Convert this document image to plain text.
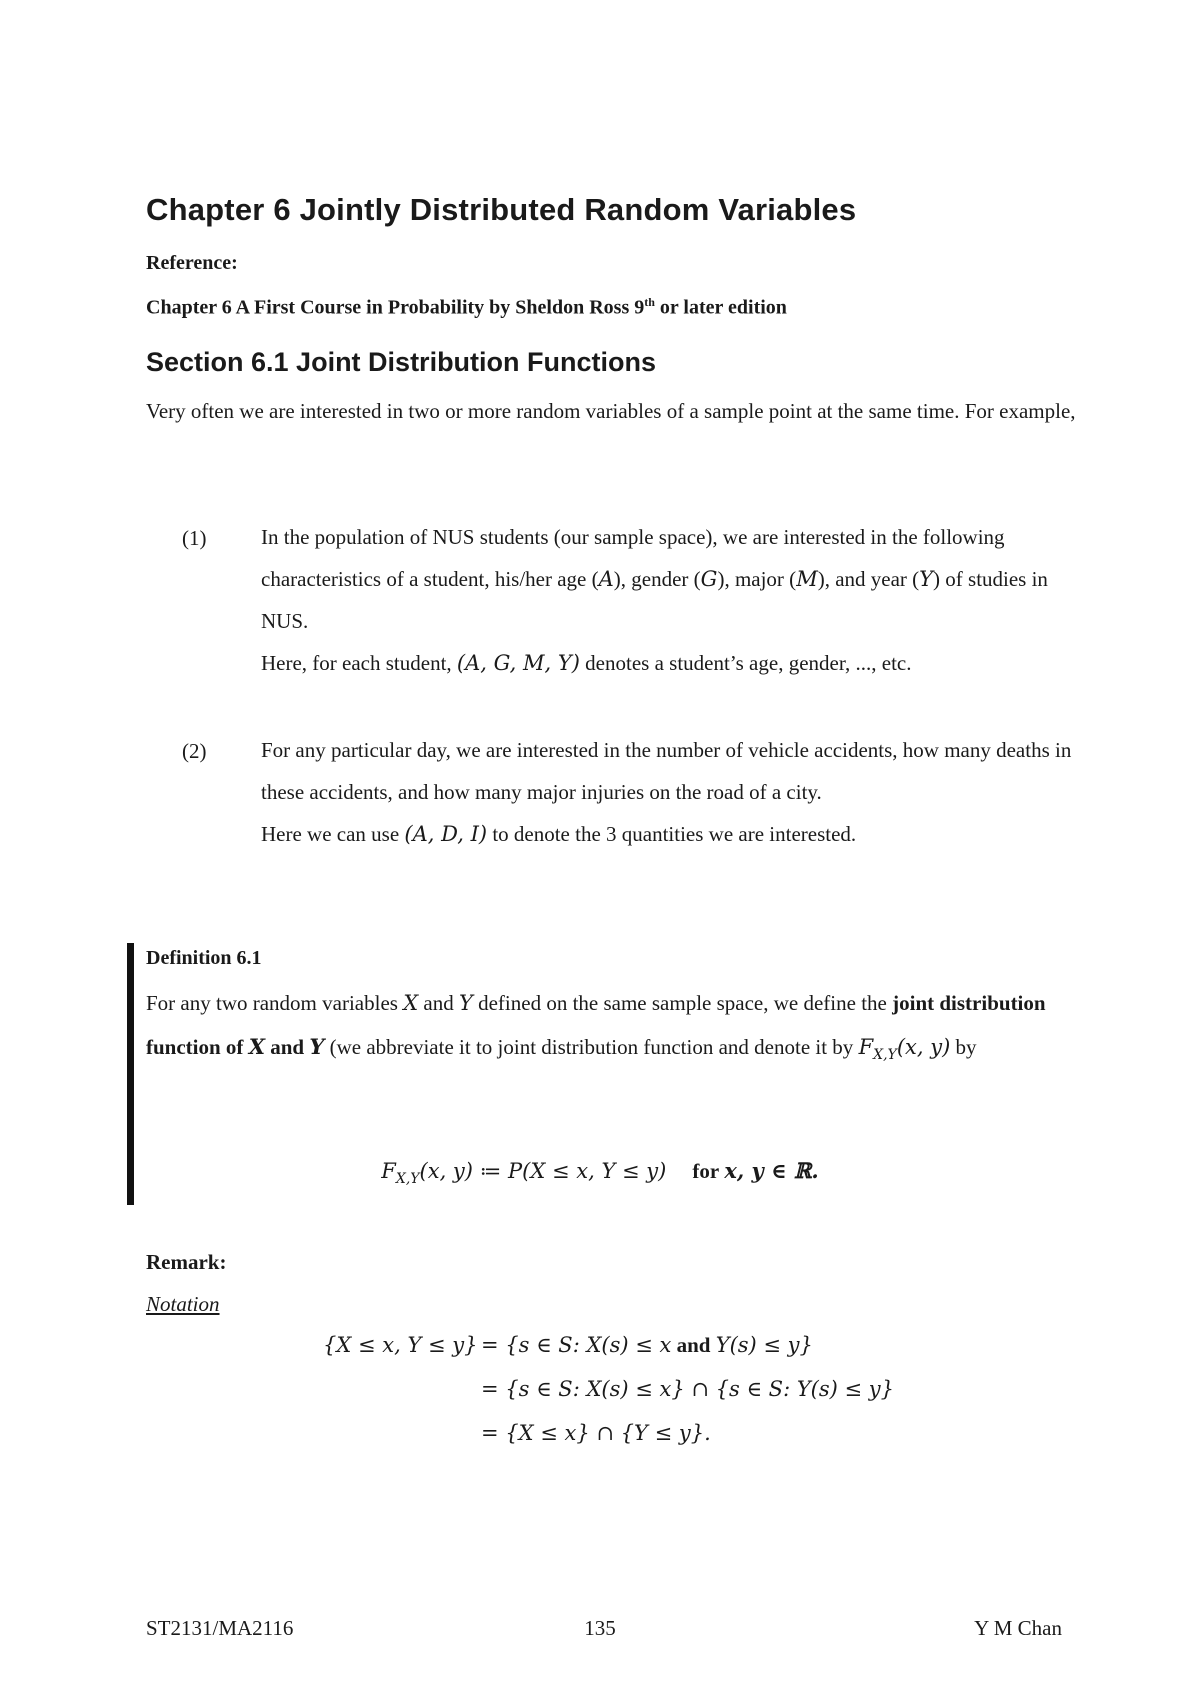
Chapter 6 Jointly Distributed Random Variables
Reference:
Chapter 6 A First Course in Probability by Sheldon Ross 9th or later edition
Section 6.1 Joint Distribution Functions
Very often we are interested in two or more random variables of a sample point at the same time. For example,
(1)	In the population of NUS students (our sample space), we are interested in the following characteristics of a student, his/her age (A), gender (G), major (M), and year (Y) of studies in NUS.
Here, for each student, (A, G, M, Y) denotes a student’s age, gender, ..., etc.
(2)	For any particular day, we are interested in the number of vehicle accidents, how many deaths in these accidents, and how many major injuries on the road of a city.
Here we can use (A, D, I) to denote the 3 quantities we are interested.
Definition 6.1
For any two random variables X and Y defined on the same sample space, we define the joint distribution function of X and Y (we abbreviate it to joint distribution function and denote it by $F_{X,Y}(x$, y) by
$F_{X,Y}(x$, y) ≔ P(X ≤ x, Y ≤ y) for x, y ∈ ℝ.
Remark:
Notation
{X ≤ x, Y ≤ y} = {s ∈ S: X(s) ≤ x and Y(s) ≤ y}
= {s ∈ S: X(s) ≤ x} ∩ {s ∈ S: Y(s) ≤ y}
= {X ≤ x} ∩ {Y ≤ y}.
ST2131/MA2116	135	Y M Chan
